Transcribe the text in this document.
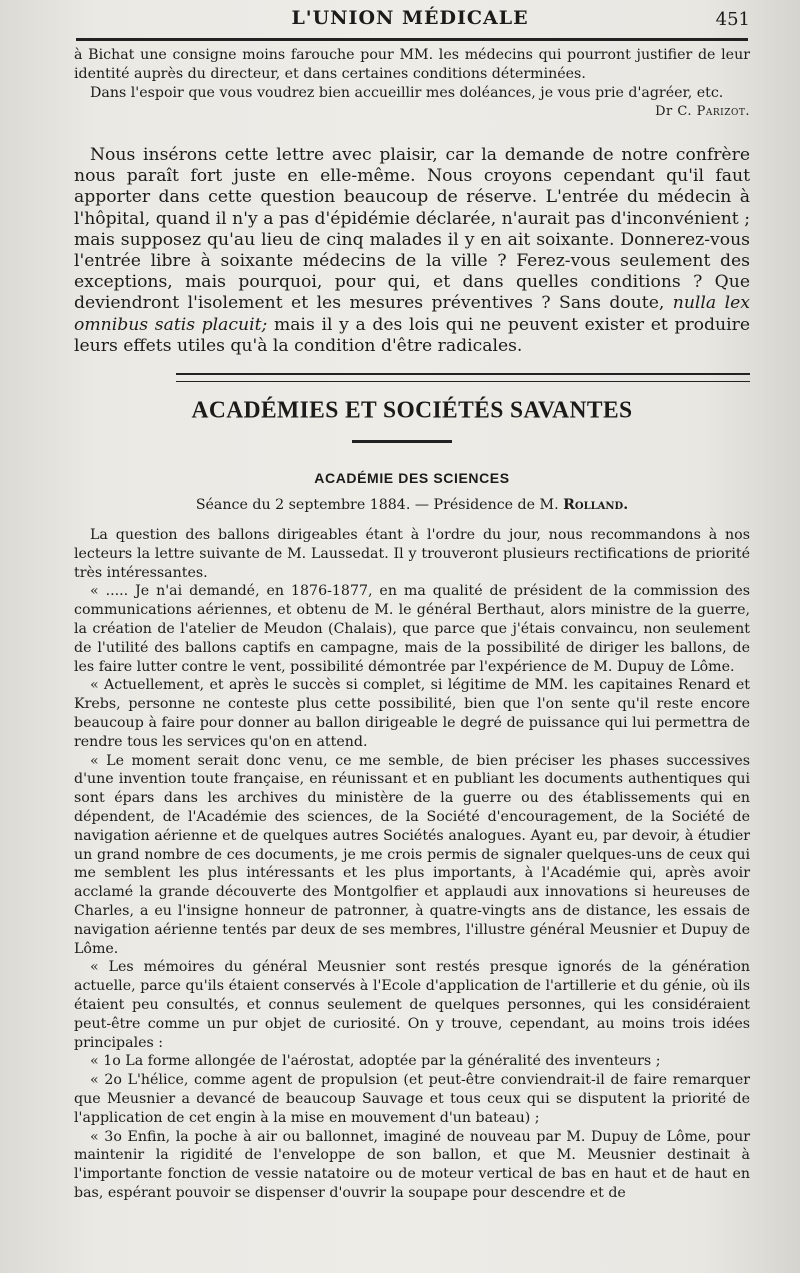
L'UNION MÉDICALE	451

à Bichat une consigne moins farouche pour MM. les médecins qui pourront justifier de leur identité auprès du directeur, et dans certaines conditions déterminées.

Dans l'espoir que vous voudrez bien accueillir mes doléances, je vous prie d'agréer, etc.

Dr C. Parizot.

Nous insérons cette lettre avec plaisir, car la demande de notre confrère nous paraît fort juste en elle-même. Nous croyons cependant qu'il faut apporter dans cette question beaucoup de réserve. L'entrée du médecin à l'hôpital, quand il n'y a pas d'épidémie déclarée, n'aurait pas d'inconvénient ; mais supposez qu'au lieu de cinq malades il y en ait soixante. Donnerez-vous l'entrée libre à soixante médecins de la ville ? Ferez-vous seulement des exceptions, mais pourquoi, pour qui, et dans quelles conditions ? Que deviendront l'isolement et les mesures préventives ? Sans doute, nulla lex omnibus satis placuit; mais il y a des lois qui ne peuvent exister et produire leurs effets utiles qu'à la condition d'être radicales.

ACADÉMIES ET SOCIÉTÉS SAVANTES
ACADÉMIE DES SCIENCES
Séance du 2 septembre 1884. — Présidence de M. Rolland.

La question des ballons dirigeables étant à l'ordre du jour, nous recommandons à nos lecteurs la lettre suivante de M. Laussedat. Il y trouveront plusieurs rectifications de priorité très intéressantes.

« ..... Je n'ai demandé, en 1876-1877, en ma qualité de président de la commission des communications aériennes, et obtenu de M. le général Berthaut, alors ministre de la guerre, la création de l'atelier de Meudon (Chalais), que parce que j'étais convaincu, non seulement de l'utilité des ballons captifs en campagne, mais de la possibilité de diriger les ballons, de les faire lutter contre le vent, possibilité démontrée par l'expérience de M. Dupuy de Lôme.

« Actuellement, et après le succès si complet, si légitime de MM. les capitaines Renard et Krebs, personne ne conteste plus cette possibilité, bien que l'on sente qu'il reste encore beaucoup à faire pour donner au ballon dirigeable le degré de puissance qui lui permettra de rendre tous les services qu'on en attend.

« Le moment serait donc venu, ce me semble, de bien préciser les phases successives d'une invention toute française, en réunissant et en publiant les documents authentiques qui sont épars dans les archives du ministère de la guerre ou des établissements qui en dépendent, de l'Académie des sciences, de la Société d'encouragement, de la Société de navigation aérienne et de quelques autres Sociétés analogues. Ayant eu, par devoir, à étudier un grand nombre de ces documents, je me crois permis de signaler quelques-uns de ceux qui me semblent les plus intéressants et les plus importants, à l'Académie qui, après avoir acclamé la grande découverte des Montgolfier et applaudi aux innovations si heureuses de Charles, a eu l'insigne honneur de patronner, à quatre-vingts ans de distance, les essais de navigation aérienne tentés par deux de ses membres, l'illustre général Meusnier et Dupuy de Lôme.

« Les mémoires du général Meusnier sont restés presque ignorés de la génération actuelle, parce qu'ils étaient conservés à l'Ecole d'application de l'artillerie et du génie, où ils étaient peu consultés, et connus seulement de quelques personnes, qui les considéraient peut-être comme un pur objet de curiosité. On y trouve, cependant, au moins trois idées principales :

« 1o La forme allongée de l'aérostat, adoptée par la généralité des inventeurs ;

« 2o L'hélice, comme agent de propulsion (et peut-être conviendrait-il de faire remarquer que Meusnier a devancé de beaucoup Sauvage et tous ceux qui se disputent la priorité de l'application de cet engin à la mise en mouvement d'un bateau) ;

« 3o Enfin, la poche à air ou ballonnet, imaginé de nouveau par M. Dupuy de Lôme, pour maintenir la rigidité de l'enveloppe de son ballon, et que M. Meusnier destinait à l'importante fonction de vessie natatoire ou de moteur vertical de bas en haut et de haut en bas, espérant pouvoir se dispenser d'ouvrir la soupape pour descendre et de
